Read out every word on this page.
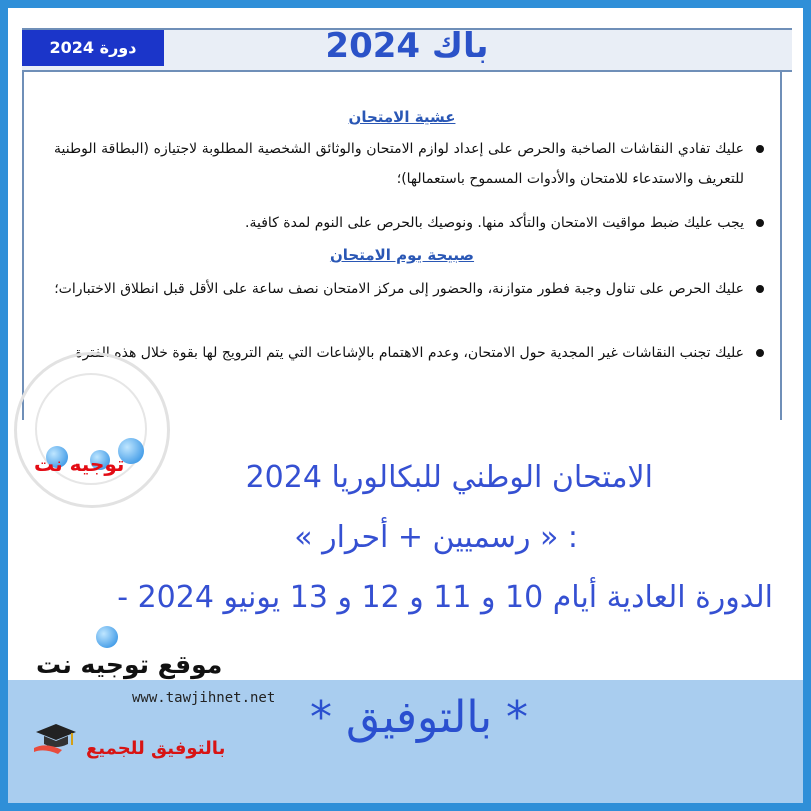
باك 2024
دورة 2024
عشية الامتحان
عليك تفادي النقاشات الصاخبة والحرص على إعداد لوازم الامتحان والوثائق الشخصية المطلوبة لاجتيازه (البطاقة الوطنية للتعريف والاستدعاء للامتحان والأدوات المسموح باستعمالها)؛
يجب عليك ضبط مواقيت الامتحان والتأكد منها. ونوصيك بالحرص على النوم لمدة كافية.
صبيحة يوم الامتحان
عليك الحرص على تناول وجبة فطور متوازنة، والحضور إلى مركز الامتحان نصف ساعة على الأقل قبل انطلاق الاختبارات؛
عليك تجنب النقاشات غير المجدية حول الامتحان، وعدم الاهتمام بالإشاعات التي يتم الترويج لها بقوة خلال هذه الفترة.
الامتحان الوطني للبكالوريا 2024
: « رسميين + أحرار »
الدورة العادية أيام 10 و 11 و 12 و 13 يونيو 2024 -
توجيه نت
موقع توجيه نت
www.tawjihnet.net
بالتوفيق للجميع
* بالتوفيق *
